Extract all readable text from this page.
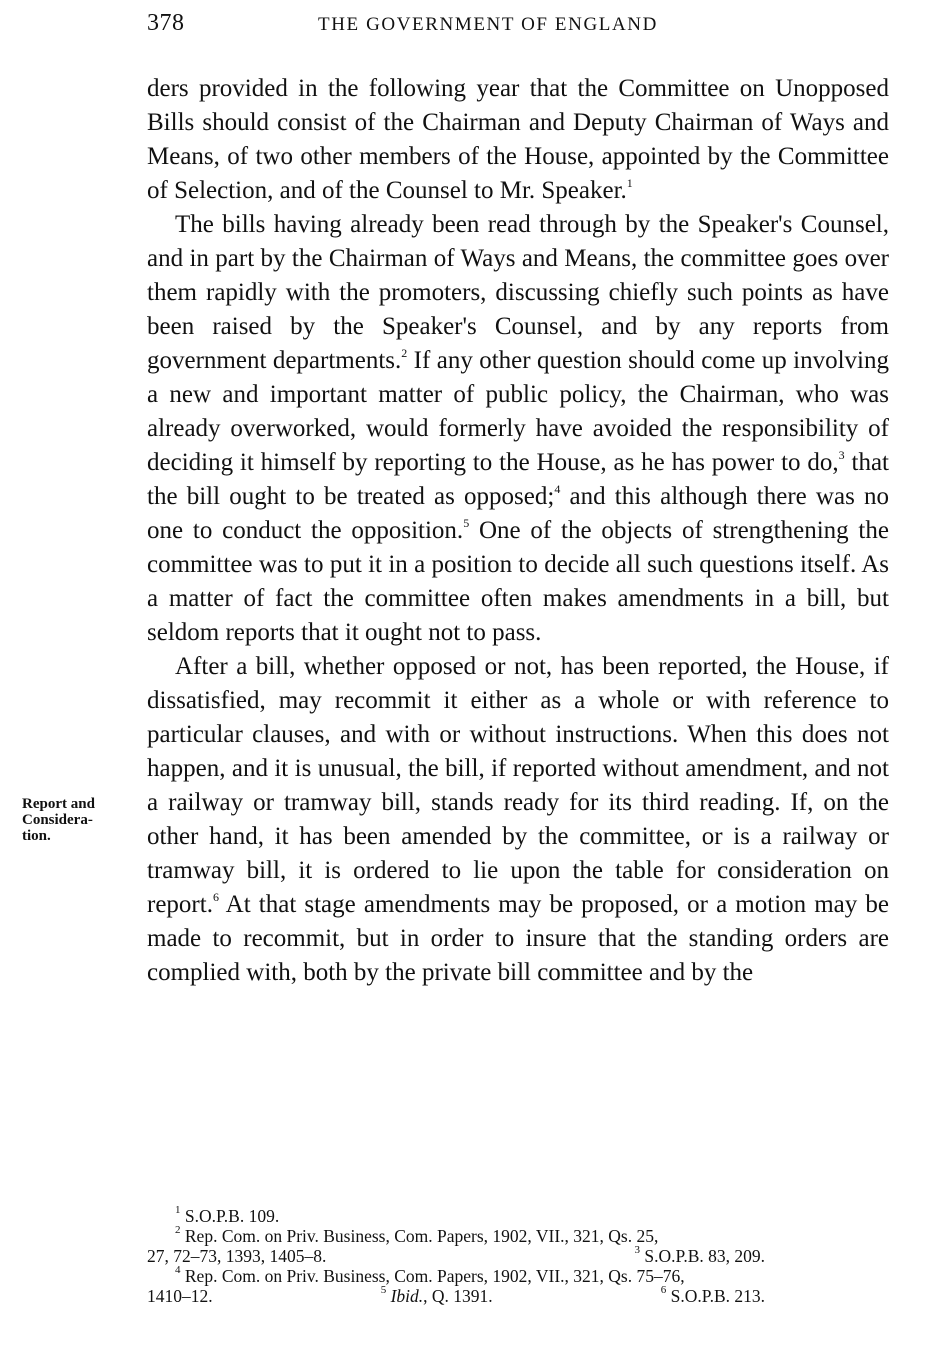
378	THE GOVERNMENT OF ENGLAND
Report and
Considera-
tion.

ders provided in the following year that the Committee on Unopposed Bills should consist of the Chairman and Deputy Chairman of Ways and Means, of two other members of the House, appointed by the Committee of Selection, and of the Counsel to Mr. Speaker.$^1$

The bills having already been read through by the Speaker's Counsel, and in part by the Chairman of Ways and Means, the committee goes over them rapidly with the promoters, discussing chiefly such points as have been raised by the Speaker's Counsel, and by any reports from government departments.$^2$ If any other question should come up involving a new and important matter of public policy, the Chairman, who was already overworked, would formerly have avoided the responsibility of deciding it himself by reporting to the House, as he has power to do,$^3$ that the bill ought to be treated as opposed;$^4$ and this although there was no one to conduct the opposition.$^5$ One of the objects of strengthening the committee was to put it in a position to decide all such questions itself. As a matter of fact the committee often makes amendments in a bill, but seldom reports that it ought not to pass.

After a bill, whether opposed or not, has been reported, the House, if dissatisfied, may recommit it either as a whole or with reference to particular clauses, and with or without instructions. When this does not happen, and it is unusual, the bill, if reported without amendment, and not a railway or tramway bill, stands ready for its third reading. If, on the other hand, it has been amended by the committee, or is a railway or tramway bill, it is ordered to lie upon the table for consideration on report.$^6$ At that stage amendments may be proposed, or a motion may be made to recommit, but in order to insure that the standing orders are complied with, both by the private bill committee and by the

$^1$ S.O.P.B. 109.

$^2$ Rep. Com. on Priv. Business, Com. Papers, 1902, VII., 321, Qs. 25,

27, 72–73, 1393, 1405–8.	$^3$ S.O.P.B. 83, 209.

$^4$ Rep. Com. on Priv. Business, Com. Papers, 1902, VII., 321, Qs. 75–76,

1410–12.	$^5$ Ibid., Q. 1391.	$^6$ S.O.P.B. 213.
